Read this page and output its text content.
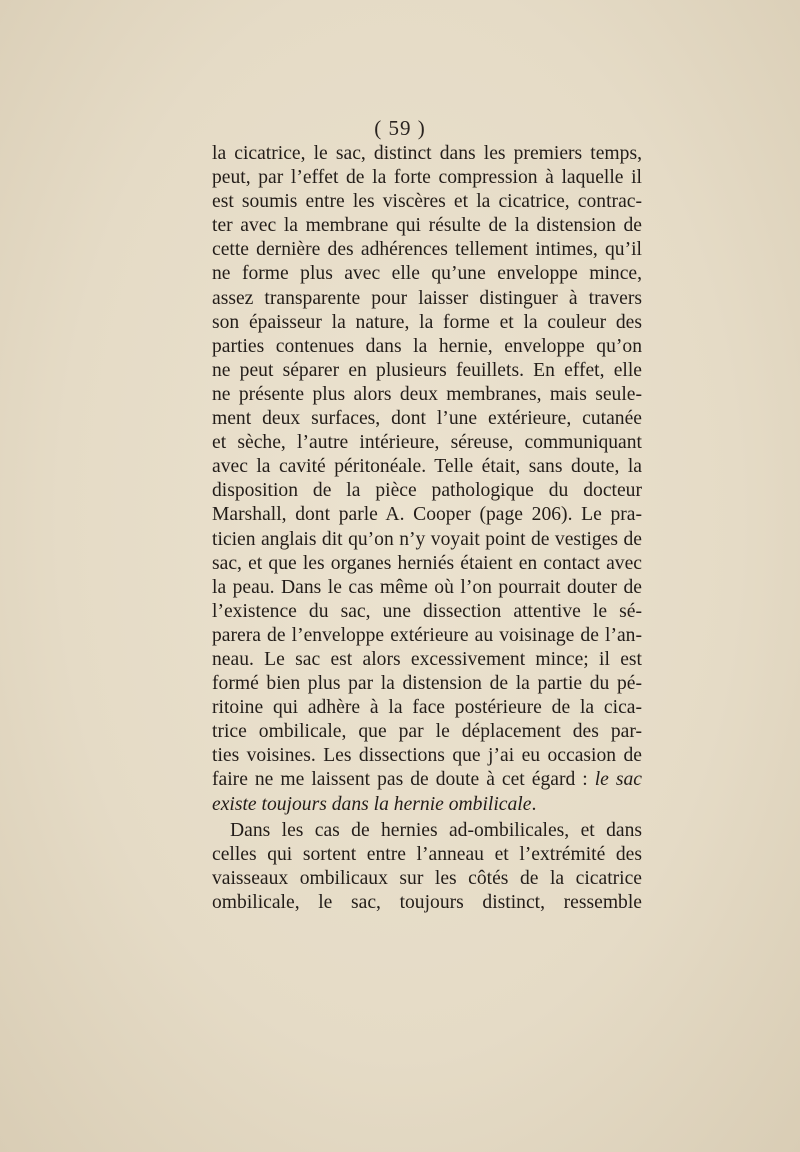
( 59 )
la cicatrice, le sac, distinct dans les premiers temps,
peut, par l’effet de la forte compression à laquelle il
est soumis entre les viscères et la cicatrice, contrac-
ter avec la membrane qui résulte de la distension de
cette dernière des adhérences tellement intimes, qu’il
ne forme plus avec elle qu’une enveloppe mince,
assez transparente pour laisser distinguer à travers
son épaisseur la nature, la forme et la couleur des
parties contenues dans la hernie, enveloppe qu’on
ne peut séparer en plusieurs feuillets. En effet, elle
ne présente plus alors deux membranes, mais seule-
ment deux surfaces, dont l’une extérieure, cutanée
et sèche, l’autre intérieure, séreuse, communiquant
avec la cavité péritonéale. Telle était, sans doute, la
disposition de la pièce pathologique du docteur
Marshall, dont parle A. Cooper (page 206). Le pra-
ticien anglais dit qu’on n’y voyait point de vestiges de
sac, et que les organes herniés étaient en contact avec
la peau. Dans le cas même où l’on pourrait douter de
l’existence du sac, une dissection attentive le sé-
parera de l’enveloppe extérieure au voisinage de l’an-
neau. Le sac est alors excessivement mince; il est
formé bien plus par la distension de la partie du pé-
ritoine qui adhère à la face postérieure de la cica-
trice ombilicale, que par le déplacement des par-
ties voisines. Les dissections que j’ai eu occasion de
faire ne me laissent pas de doute à cet égard : le sac
existe toujours dans la hernie ombilicale.
Dans les cas de hernies ad-ombilicales, et dans
celles qui sortent entre l’anneau et l’extrémité des
vaisseaux ombilicaux sur les côtés de la cicatrice
ombilicale, le sac, toujours distinct, ressemble
